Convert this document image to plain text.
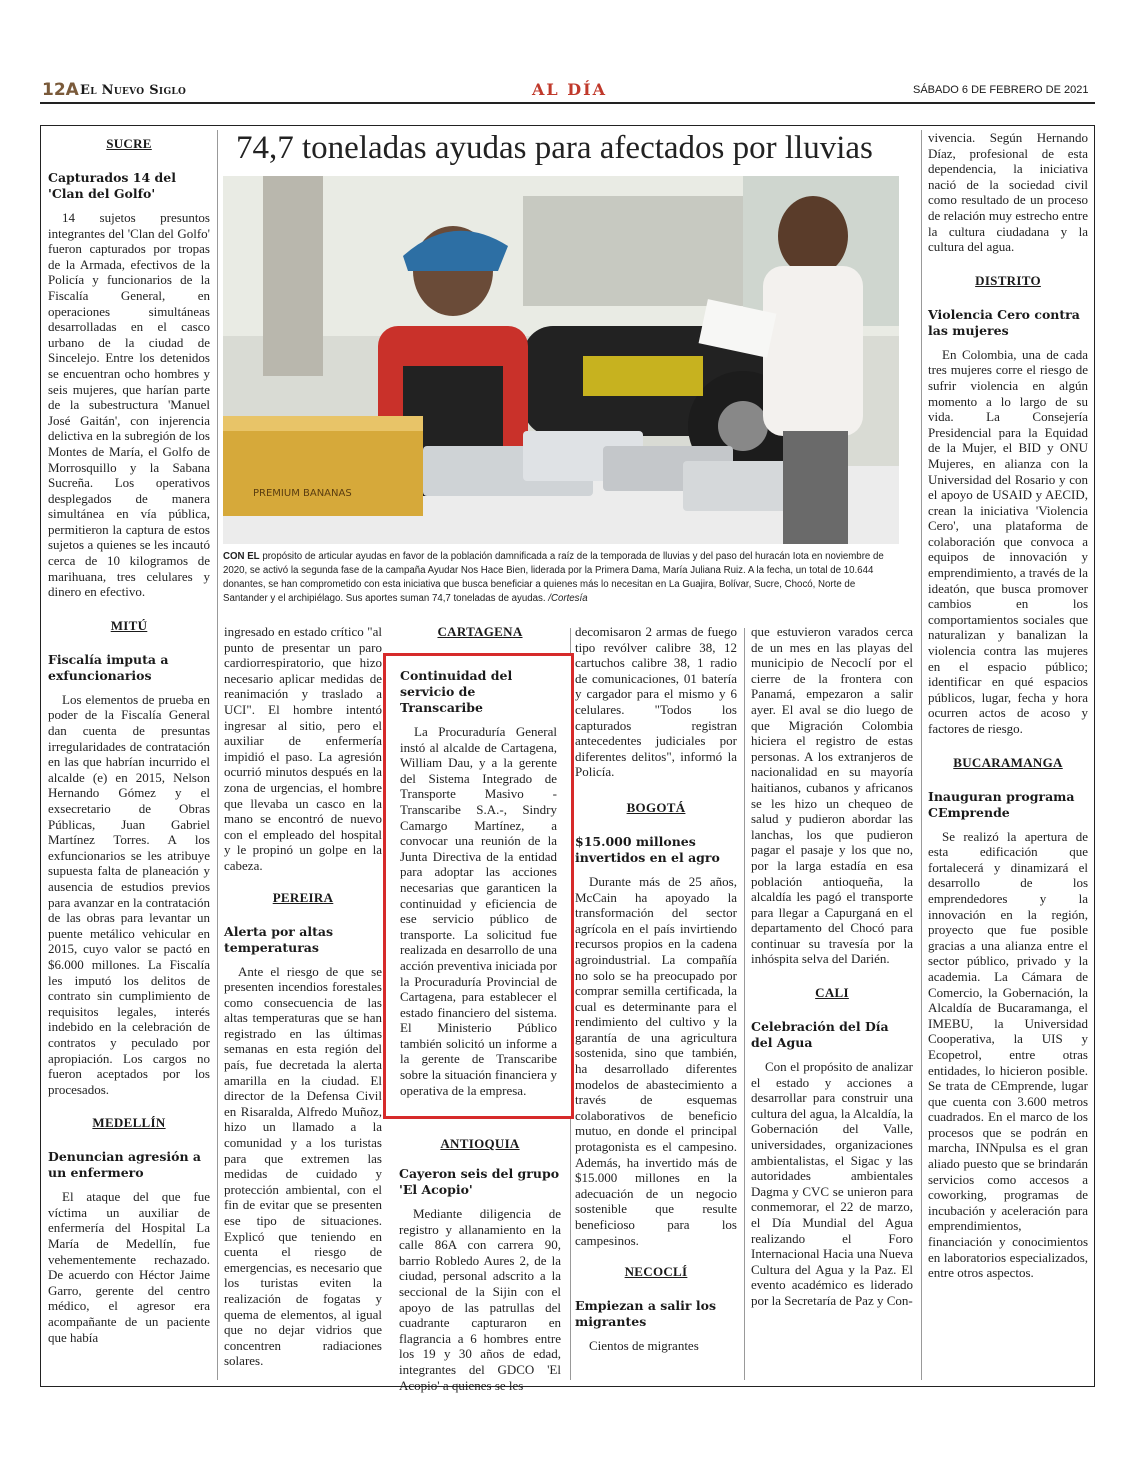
12A El Nuevo Siglo	AL DÍA	SÁBADO 6 DE FEBRERO DE 2021
SUCRE
Capturados 14 del 'Clan del Golfo'

14 sujetos presuntos integrantes del 'Clan del Golfo' fueron capturados por tropas de la Armada, efectivos de la Policía y funcionarios de la Fiscalía General, en operaciones simultáneas desarrolladas en el casco urbano de la ciudad de Sincelejo. Entre los detenidos se encuentran ocho hombres y seis mujeres, que harían parte de la subestructura 'Manuel José Gaitán', con injerencia delictiva en la subregión de los Montes de María, el Golfo de Morrosquillo y la Sabana Sucreña. Los operativos desplegados de manera simultánea en vía pública, permitieron la captura de estos sujetos a quienes se les incautó cerca de 10 kilogramos de marihuana, tres celulares y dinero en efectivo.

MITÚ
Fiscalía imputa a exfuncionarios

Los elementos de prueba en poder de la Fiscalía General dan cuenta de presuntas irregularidades de contratación en las que habrían incurrido el alcalde (e) en 2015, Nelson Hernando Gómez y el exsecretario de Obras Públicas, Juan Gabriel Martínez Torres. A los exfuncionarios se les atribuye supuesta falta de planeación y ausencia de estudios previos para avanzar en la contratación de las obras para levantar un puente metálico vehicular en 2015, cuyo valor se pactó en $6.000 millones. La Fiscalía les imputó los delitos de contrato sin cumplimiento de requisitos legales, interés indebido en la celebración de contratos y peculado por apropiación. Los cargos no fueron aceptados por los procesados.

MEDELLÍN
Denuncian agresión a un enfermero

El ataque del que fue víctima un auxiliar de enfermería del Hospital La María de Medellín, fue vehementemente rechazado. De acuerdo con Héctor Jaime Garro, gerente del centro médico, el agresor era acompañante de un paciente que había

74,7 toneladas ayudas para afectados por lluvias
PREMIUM BANANAS
CON EL propósito de articular ayudas en favor de la población damnificada a raíz de la temporada de lluvias y del paso del huracán Iota en noviembre de 2020, se activó la segunda fase de la campaña Ayudar Nos Hace Bien, liderada por la Primera Dama, María Juliana Ruiz. A la fecha, un total de 10.644 donantes, se han comprometido con esta iniciativa que busca beneficiar a quienes más lo necesitan en La Guajira, Bolívar, Sucre, Chocó, Norte de Santander y el archipiélago. Sus aportes suman 74,7 toneladas de ayudas. /Cortesía
ingresado en estado crítico "al punto de presentar un paro cardiorrespiratorio, que hizo necesario aplicar medidas de reanimación y traslado a UCI". El hombre intentó ingresar al sitio, pero el auxiliar de enfermería impidió el paso. La agresión ocurrió minutos después en la zona de urgencias, el hombre que llevaba un casco en la mano se encontró de nuevo con el empleado del hospital y le propinó un golpe en la cabeza.
PEREIRA
Alerta por altas temperaturas

Ante el riesgo de que se presenten incendios forestales como consecuencia de las altas temperaturas que se han registrado en las últimas semanas en esta región del país, fue decretada la alerta amarilla en la ciudad. El director de la Defensa Civil en Risaralda, Alfredo Muñoz, hizo un llamado a la comunidad y a los turistas para que extremen las medidas de cuidado y protección ambiental, con el fin de evitar que se presenten ese tipo de situaciones. Explicó que teniendo en cuenta el riesgo de emergencias, es necesario que los turistas eviten la realización de fogatas y quema de elementos, al igual que no dejar vidrios que concentren radiaciones solares.

CARTAGENA
ANTIOQUIA
Cayeron seis del grupo 'El Acopio'

Mediante diligencia de registro y allanamiento en la calle 86A con carrera 90, barrio Robledo Aures 2, de la ciudad, personal adscrito a la seccional de la Sijin con el apoyo de las patrullas del cuadrante capturaron en flagrancia a 6 hombres entre los 19 y 30 años de edad, integrantes del GDCO 'El Acopio' a quienes se les

Continuidad del servicio de Transcaribe

La Procuraduría General instó al alcalde de Cartagena, William Dau, y a la gerente del Sistema Integrado de Transporte Masivo -Transcaribe S.A.-, Sindry Camargo Martínez, a convocar una reunión de la Junta Directiva de la entidad para adoptar las acciones necesarias que garanticen la continuidad y eficiencia de ese servicio público de transporte. La solicitud fue realizada en desarrollo de una acción preventiva iniciada por la Procuraduría Provincial de Cartagena, para establecer el estado financiero del sistema. El Ministerio Público también solicitó un informe a la gerente de Transcaribe sobre la situación financiera y operativa de la empresa.

decomisaron 2 armas de fuego tipo revólver calibre 38, 12 cartuchos calibre 38, 1 radio de comunicaciones, 01 batería y cargador para el mismo y 6 celulares. "Todos los capturados registran antecedentes judiciales por diferentes delitos", informó la Policía.
BOGOTÁ
$15.000 millones invertidos en el agro

Durante más de 25 años, McCain ha apoyado la transformación del sector agrícola en el país invirtiendo recursos propios en la cadena agroindustrial. La compañía no solo se ha preocupado por comprar semilla certificada, la cual es determinante para el rendimiento del cultivo y la garantía de una agricultura sostenida, sino que también, ha desarrollado diferentes modelos de abastecimiento a través de esquemas colaborativos de beneficio mutuo, en donde el principal protagonista es el campesino. Además, ha invertido más de $15.000 millones en la adecuación de un negocio sostenible que resulte beneficioso para los campesinos.

NECOCLÍ
Empiezan a salir los migrantes

Cientos de migrantes

que estuvieron varados cerca de un mes en las playas del municipio de Necoclí por el cierre de la frontera con Panamá, empezaron a salir ayer. El aval se dio luego de que Migración Colombia hiciera el registro de estas personas. A los extranjeros de nacionalidad en su mayoría haitianos, cubanos y africanos se les hizo un chequeo de salud y pudieron abordar las lanchas, los que pudieron pagar el pasaje y los que no, por la larga estadía en esa población antioqueña, la alcaldía les pagó el transporte para llegar a Capurganá en el departamento del Chocó para continuar su travesía por la inhóspita selva del Darién.
CALI
Celebración del Día del Agua

Con el propósito de analizar el estado y acciones a desarrollar para construir una cultura del agua, la Alcaldía, la Gobernación del Valle, universidades, organizaciones ambientalistas, el Sigac y las autoridades ambientales Dagma y CVC se unieron para conmemorar, el 22 de marzo, el Día Mundial del Agua realizando el Foro Internacional Hacia una Nueva Cultura del Agua y la Paz. El evento académico es liderado por la Secretaría de Paz y Con-

vivencia. Según Hernando Díaz, profesional de esta dependencia, la iniciativa nació de la sociedad civil como resultado de un proceso de relación muy estrecho entre la cultura ciudadana y la cultura del agua.
DISTRITO
Violencia Cero contra las mujeres

En Colombia, una de cada tres mujeres corre el riesgo de sufrir violencia en algún momento a lo largo de su vida. La Consejería Presidencial para la Equidad de la Mujer, el BID y ONU Mujeres, en alianza con la Universidad del Rosario y con el apoyo de USAID y AECID, crean la iniciativa 'Violencia Cero', una plataforma de colaboración que convoca a equipos de innovación y emprendimiento, a través de la ideatón, que busca promover cambios en los comportamientos sociales que naturalizan y banalizan la violencia contra las mujeres en el espacio público; identificar en qué espacios públicos, lugar, fecha y hora ocurren actos de acoso y factores de riesgo.

BUCARAMANGA
Inauguran programa CEmprende

Se realizó la apertura de esta edificación que fortalecerá y dinamizará el desarrollo de los emprendedores y la innovación en la región, proyecto que fue posible gracias a una alianza entre el sector público, privado y la academia. La Cámara de Comercio, la Gobernación, la Alcaldía de Bucaramanga, el IMEBU, la Universidad Cooperativa, la UIS y Ecopetrol, entre otras entidades, lo hicieron posible. Se trata de CEmprende, lugar que cuenta con 3.600 metros cuadrados. En el marco de los procesos que se podrán en marcha, INNpulsa es el gran aliado puesto que se brindarán servicios como accesos a coworking, programas de incubación y aceleración para emprendimientos, financiación y conocimientos en laboratorios especializados, entre otros aspectos.
